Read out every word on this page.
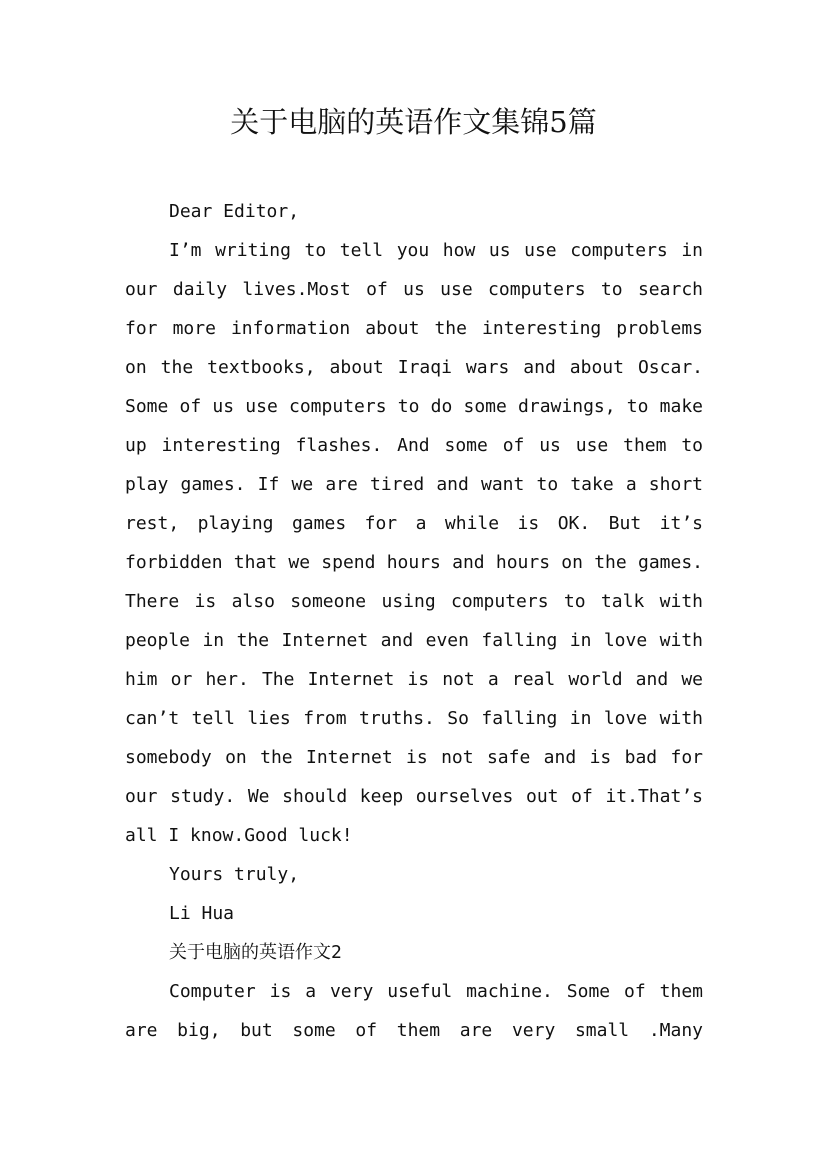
关于电脑的英语作文集锦5篇

Dear Editor,

I’m writing to tell you how us use computers in our daily lives.Most of us use computers to search for more information about the interesting problems on the textbooks, about Iraqi wars and about Oscar. Some of us use computers to do some drawings, to make up interesting flashes. And some of us use them to play games. If we are tired and want to take a short rest, playing games for a while is OK. But it’s forbidden that we spend hours and hours on the games. There is also someone using computers to talk with people in the Internet and even falling in love with him or her. The Internet is not a real world and we can’t tell lies from truths. So falling in love with somebody on the Internet is not safe and is bad for our study. We should keep ourselves out of it.That’s all I know.Good luck!

Yours truly,

Li Hua

关于电脑的英语作文2

Computer is a very useful machine. Some of them are big, but some of them are very small .Many
